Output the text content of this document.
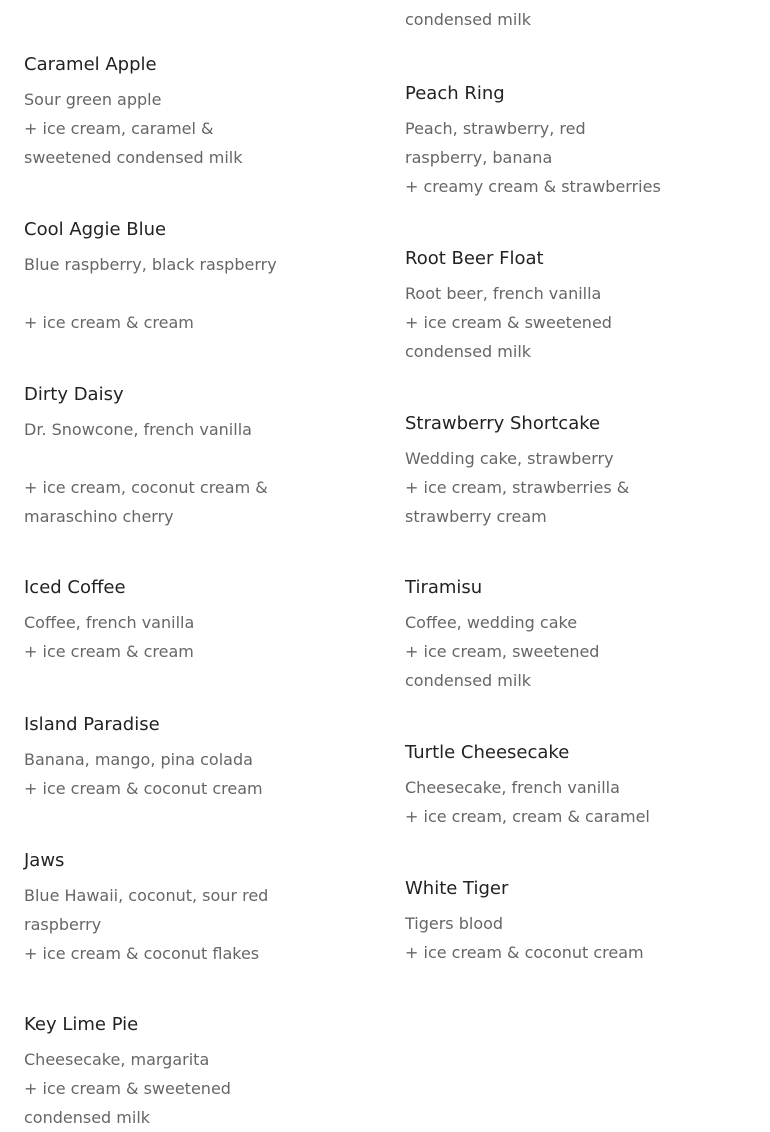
condensed milk
Caramel Apple
Sour green apple
+ ice cream, caramel &
sweetened condensed milk
Cool Aggie Blue
Blue raspberry, black raspberry

+ ice cream & cream
Dirty Daisy
Dr. Snowcone, french vanilla

+ ice cream, coconut cream &
maraschino cherry
Iced Coffee
Coffee, french vanilla
+ ice cream & cream
Island Paradise
Banana, mango, pina colada
+ ice cream & coconut cream
Jaws
Blue Hawaii, coconut, sour red
raspberry
+ ice cream & coconut flakes
Key Lime Pie
Cheesecake, margarita
+ ice cream & sweetened
condensed milk
Peach Ring
Peach, strawberry, red
raspberry, banana
+ creamy cream & strawberries
Root Beer Float
Root beer, french vanilla
+ ice cream & sweetened
condensed milk
Strawberry Shortcake
Wedding cake, strawberry
+ ice cream, strawberries &
strawberry cream
Tiramisu
Coffee, wedding cake
+ ice cream, sweetened
condensed milk
Turtle Cheesecake
Cheesecake, french vanilla
+ ice cream, cream & caramel
White Tiger
Tigers blood
+ ice cream & coconut cream
